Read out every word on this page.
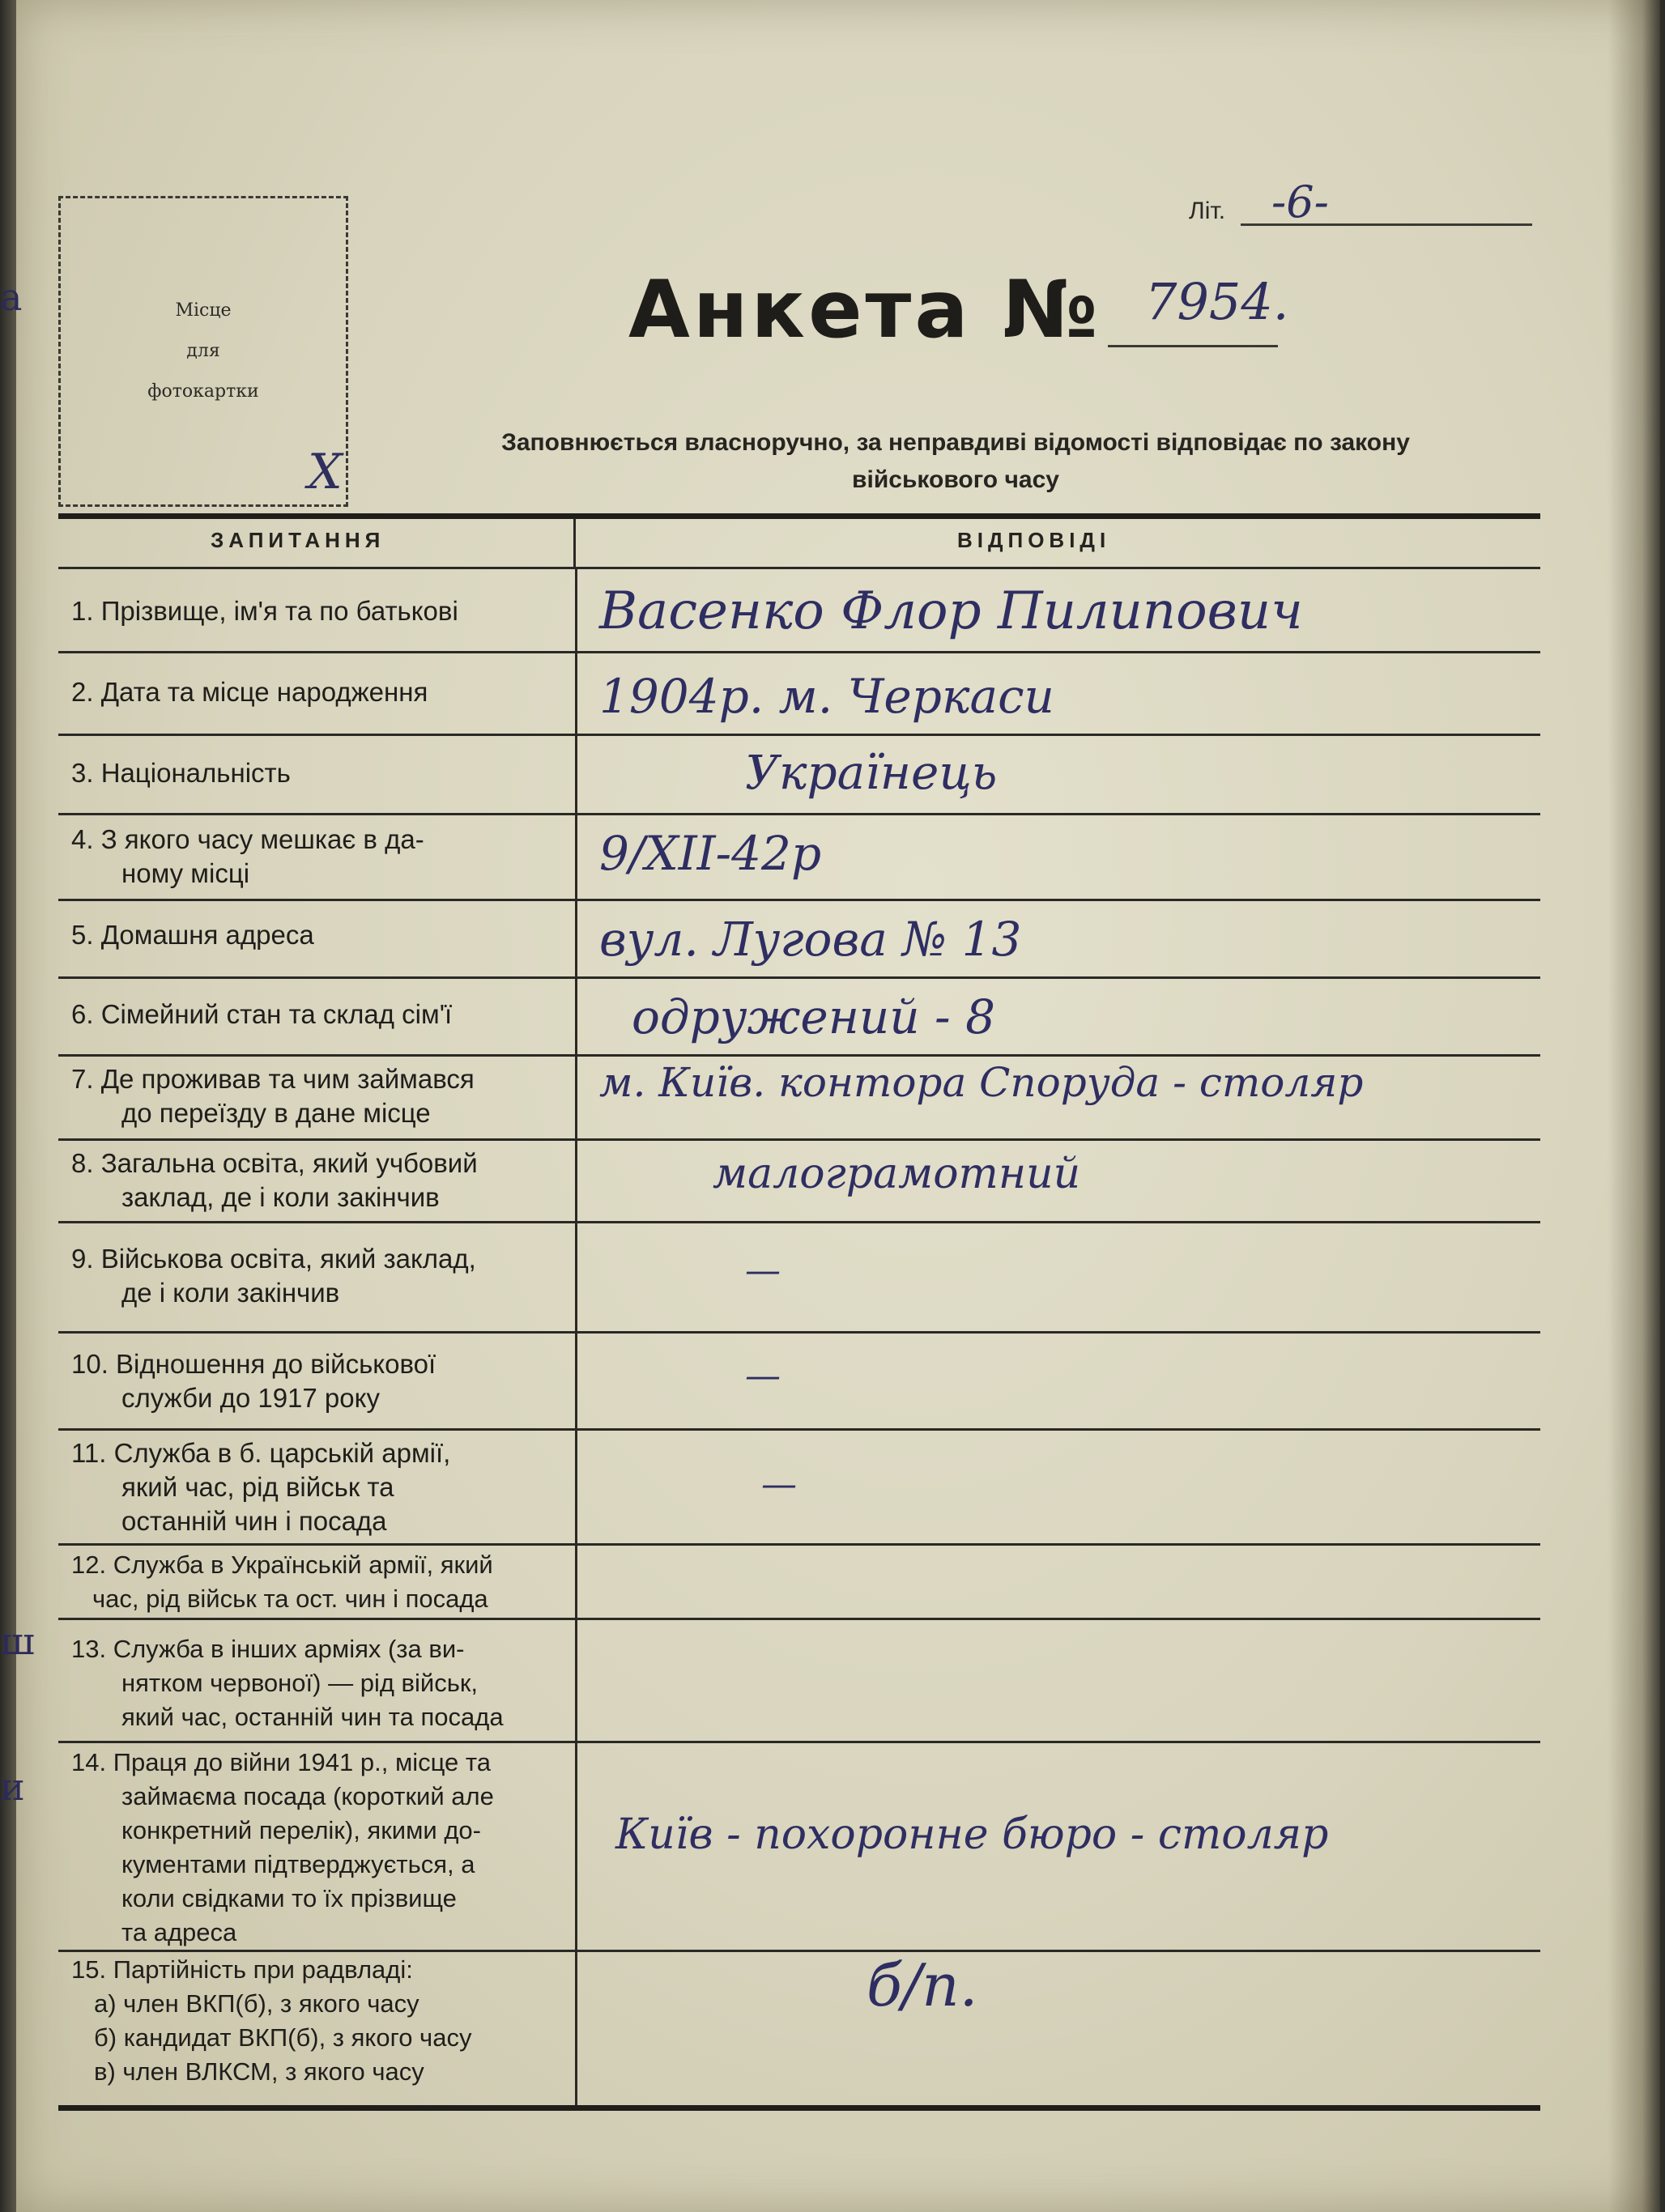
а
ш
и
Місце
для
фотокартки
X
Літ. -6-
Анкета № 7954.
Заповнюється власноручно, за неправдиві відомості відповідає по закону
військового часу
ЗАПИТАННЯ	ВІДПОВІДІ
1. Прізвище, ім'я та по батькові
2. Дата та місце народження
3. Національність
4. З якого часу мешкає в да-
ному місці
5. Домашня адреса
6. Сімейний стан та склад сім'ї
7. Де проживав та чим займався
до переїзду в дане місце
8. Загальна освіта, який учбовий
заклад, де і коли закінчив
9. Військова освіта, який заклад,
де і коли закінчив
10. Відношення до військової
служби до 1917 року
11. Служба в б. царській армії,
який час, рід військ та
останній чин і посада
12. Служба в Українській армії, який
час, рід військ та ост. чин і посада
13. Служба в інших арміях (за ви-
нятком червоної) — рід військ,
який час, останній чин та посада
14. Праця до війни 1941 р., місце та
займаєма посада (короткий але
конкретний перелік), якими до-
кументами підтверджується, а
коли свідками то їх прізвище
та адреса
15. Партійність при радвладі:
а) член ВКП(б), з якого часу
б) кандидат ВКП(б), з якого часу
в) член ВЛКСМ, з якого часу
Васенко Флор Пилипович
1904р. м. Черкаси
Українець
9/XII-42р
вул. Лугова № 13
одружений - 8
м. Київ. контора Споруда - столяр
малограмотний
—
—
—
Київ - похоронне бюро - столяр
б/п.
